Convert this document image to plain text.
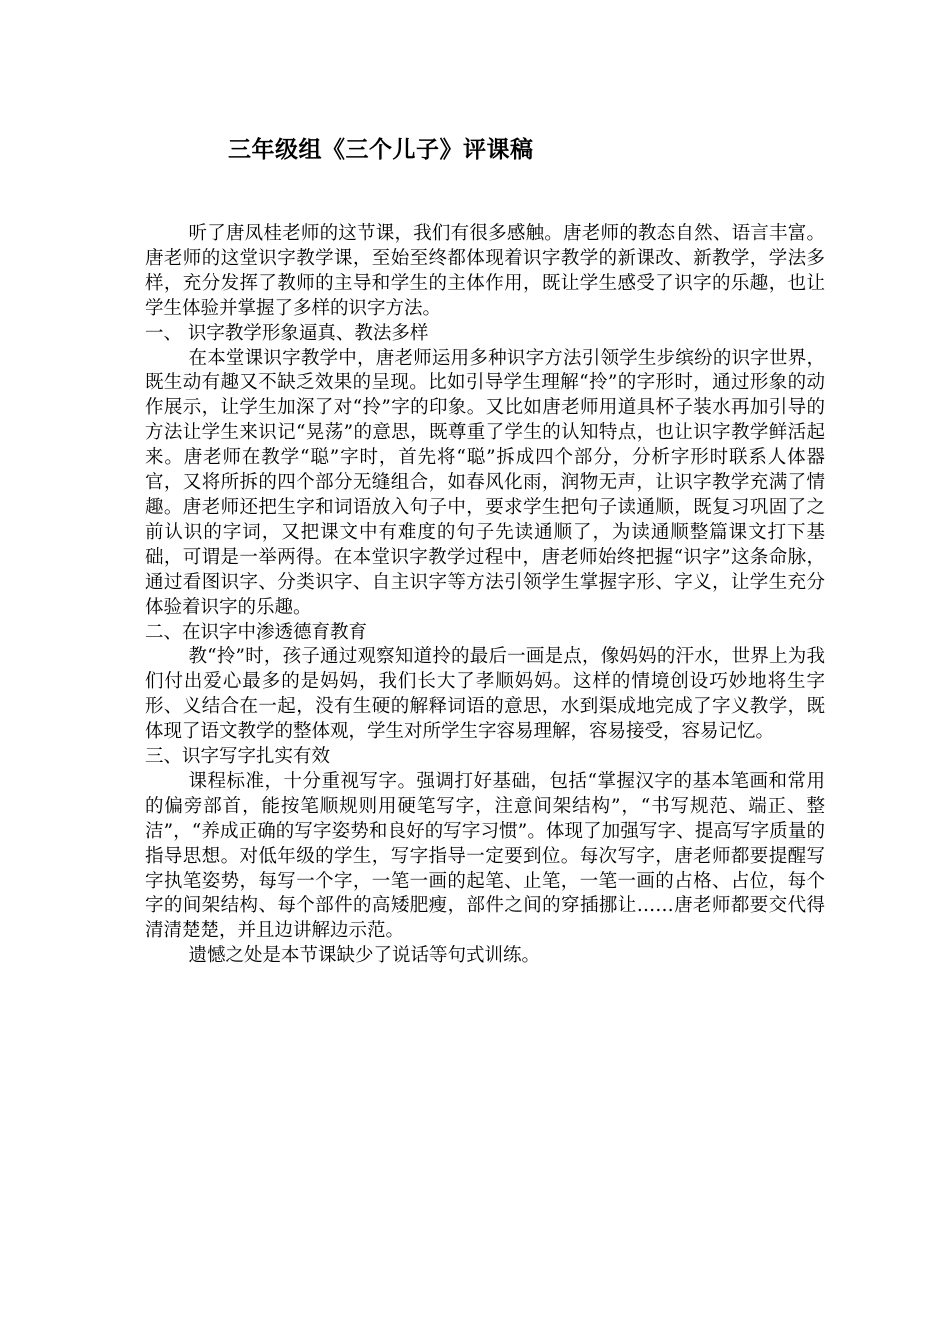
三年级组《三个儿子》评课稿

听了唐凤桂老师的这节课，我们有很多感触。唐老师的教态自然、语言丰富。唐老师的这堂识字教学课，至始至终都体现着识字教学的新课改、新教学，学法多样，充分发挥了教师的主导和学生的主体作用，既让学生感受了识字的乐趣，也让学生体验并掌握了多样的识字方法。

一、 识字教学形象逼真、教法多样

在本堂课识字教学中，唐老师运用多种识字方法引领学生步缤纷的识字世界，既生动有趣又不缺乏效果的呈现。比如引导学生理解“拎”的字形时，通过形象的动作展示，让学生加深了对“拎”字的印象。又比如唐老师用道具杯子装水再加引导的方法让学生来识记“晃荡”的意思，既尊重了学生的认知特点，也让识字教学鲜活起来。唐老师在教学“聪”字时，首先将“聪”拆成四个部分，分析字形时联系人体器官，又将所拆的四个部分无缝组合，如春风化雨，润物无声，让识字教学充满了情趣。唐老师还把生字和词语放入句子中，要求学生把句子读通顺，既复习巩固了之前认识的字词，又把课文中有难度的句子先读通顺了，为读通顺整篇课文打下基础，可谓是一举两得。在本堂识字教学过程中，唐老师始终把握“识字”这条命脉，通过看图识字、分类识字、自主识字等方法引领学生掌握字形、字义，让学生充分体验着识字的乐趣。

二、在识字中渗透德育教育

教“拎”时，孩子通过观察知道拎的最后一画是点，像妈妈的汗水，世界上为我们付出爱心最多的是妈妈，我们长大了孝顺妈妈。这样的情境创设巧妙地将生字形、义结合在一起，没有生硬的解释词语的意思，水到渠成地完成了字义教学，既体现了语文教学的整体观，学生对所学生字容易理解，容易接受，容易记忆。

三、识字写字扎实有效

课程标准，十分重视写字。强调打好基础，包括“掌握汉字的基本笔画和常用的偏旁部首，能按笔顺规则用硬笔写字，注意间架结构”，“书写规范、端正、整洁”，“养成正确的写字姿势和良好的写字习惯”。体现了加强写字、提高写字质量的指导思想。对低年级的学生，写字指导一定要到位。每次写字，唐老师都要提醒写字执笔姿势，每写一个字，一笔一画的起笔、止笔，一笔一画的占格、占位，每个字的间架结构、每个部件的高矮肥瘦，部件之间的穿插挪让……唐老师都要交代得清清楚楚，并且边讲解边示范。

遗憾之处是本节课缺少了说话等句式训练。
